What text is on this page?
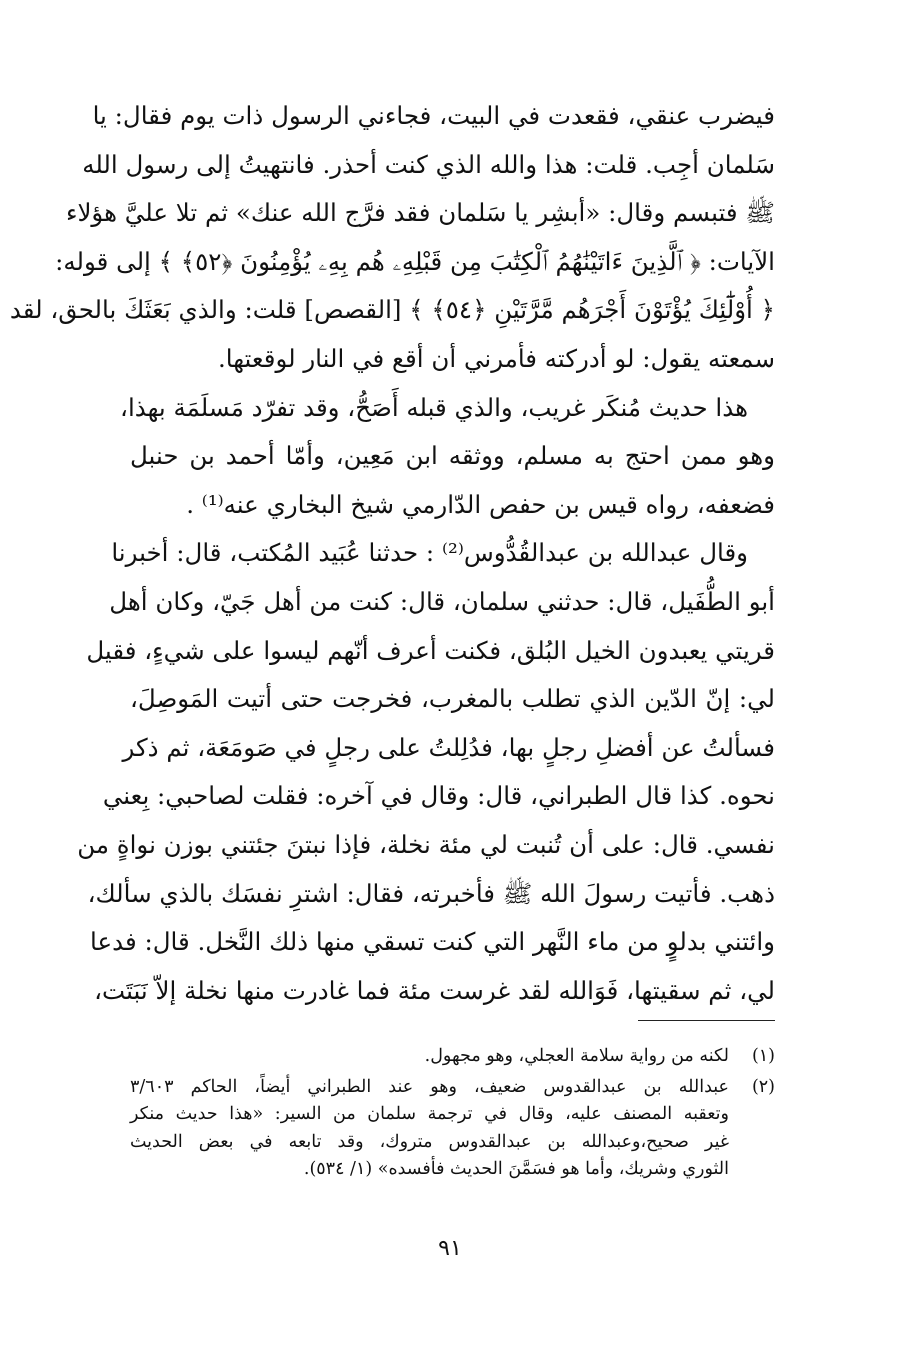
فيضرب عنقي، فقعدت في البيت، فجاءني الرسول ذات يوم فقال: يا
سَلمان أجِب. قلت: هذا والله الذي كنت أحذر. فانتهيتُ إلى رسول الله
ﷺ فتبسم وقال: «أبشِر يا سَلمان فقد فرَّج الله عنك» ثم تلا عليَّ هؤلاء
الآيات: ﴿ ٱلَّذِينَ ءَاتَيْنَٰهُمُ ٱلْكِتَٰبَ مِن قَبْلِهِۦ هُم بِهِۦ يُؤْمِنُونَ ﴿٥٢﴾ ﴾ إلى قوله:
﴿ أُوْلَٰٓئِكَ يُؤْتَوْنَ أَجْرَهُم مَّرَّتَيْنِ ﴿٥٤﴾ ﴾ [القصص] قلت: والذي بَعَثَكَ بالحق، لقد
سمعته يقول: لو أدركته فأمرني أن أقع في النار لوقعتها.

هذا حديث مُنكَر غريب، والذي قبله أَصَحُّ، وقد تفرّد مَسلَمَة بهذا،

وهو ممن احتج به مسلم، ووثقه ابن مَعِين، وأمّا أحمد بن حنبل
فضعفه، رواه قيس بن حفص الدّارمي شيخ البخاري عنه⁽¹⁾ .

وقال عبدالله بن عبدالقُدُّوس⁽²⁾ : حدثنا عُبَيد المُكتب، قال: أخبرنا

أبو الطُّفَيل، قال: حدثني سلمان، قال: كنت من أهل جَيّ، وكان أهل
قريتي يعبدون الخيل البُلق، فكنت أعرف أنّهم ليسوا على شيءٍ، فقيل
لي: إنّ الدّين الذي تطلب بالمغرب، فخرجت حتى أتيت المَوصِلَ،
فسألتُ عن أفضلِ رجلٍ بها، فدُلِلتُ على رجلٍ في صَومَعَة، ثم ذكر
نحوه. كذا قال الطبراني، قال: وقال في آخره: فقلت لصاحبي: بِعني
نفسي. قال: على أن تُنبت لي مئة نخلة، فإذا نبتنَ جئتني بوزن نواةٍ من
ذهب. فأتيت رسولَ الله ﷺ فأخبرته، فقال: اشترِ نفسَك بالذي سألك،
وائتني بدلوٍ من ماء النَّهر التي كنت تسقي منها ذلك النَّخل. قال: فدعا
لي، ثم سقيتها، فَوَالله لقد غرست مئة فما غادرت منها نخلة إلاّ نَبَتَت،

(١)
لكنه من رواية سلامة العجلي، وهو مجهول.
(٢)
عبدالله بن عبدالقدوس ضعيف، وهو عند الطبراني أيضاً، الحاكم ٣/٦٠٣
وتعقبه المصنف عليه، وقال في ترجمة سلمان من السير: «هذا حديث منكر
غير صحيح،وعبدالله بن عبدالقدوس متروك، وقد تابعه في بعض الحديث
الثوري وشريك، وأما هو فسَمَّنَ الحديث فأفسده» (١/ ٥٣٤).
٩١
